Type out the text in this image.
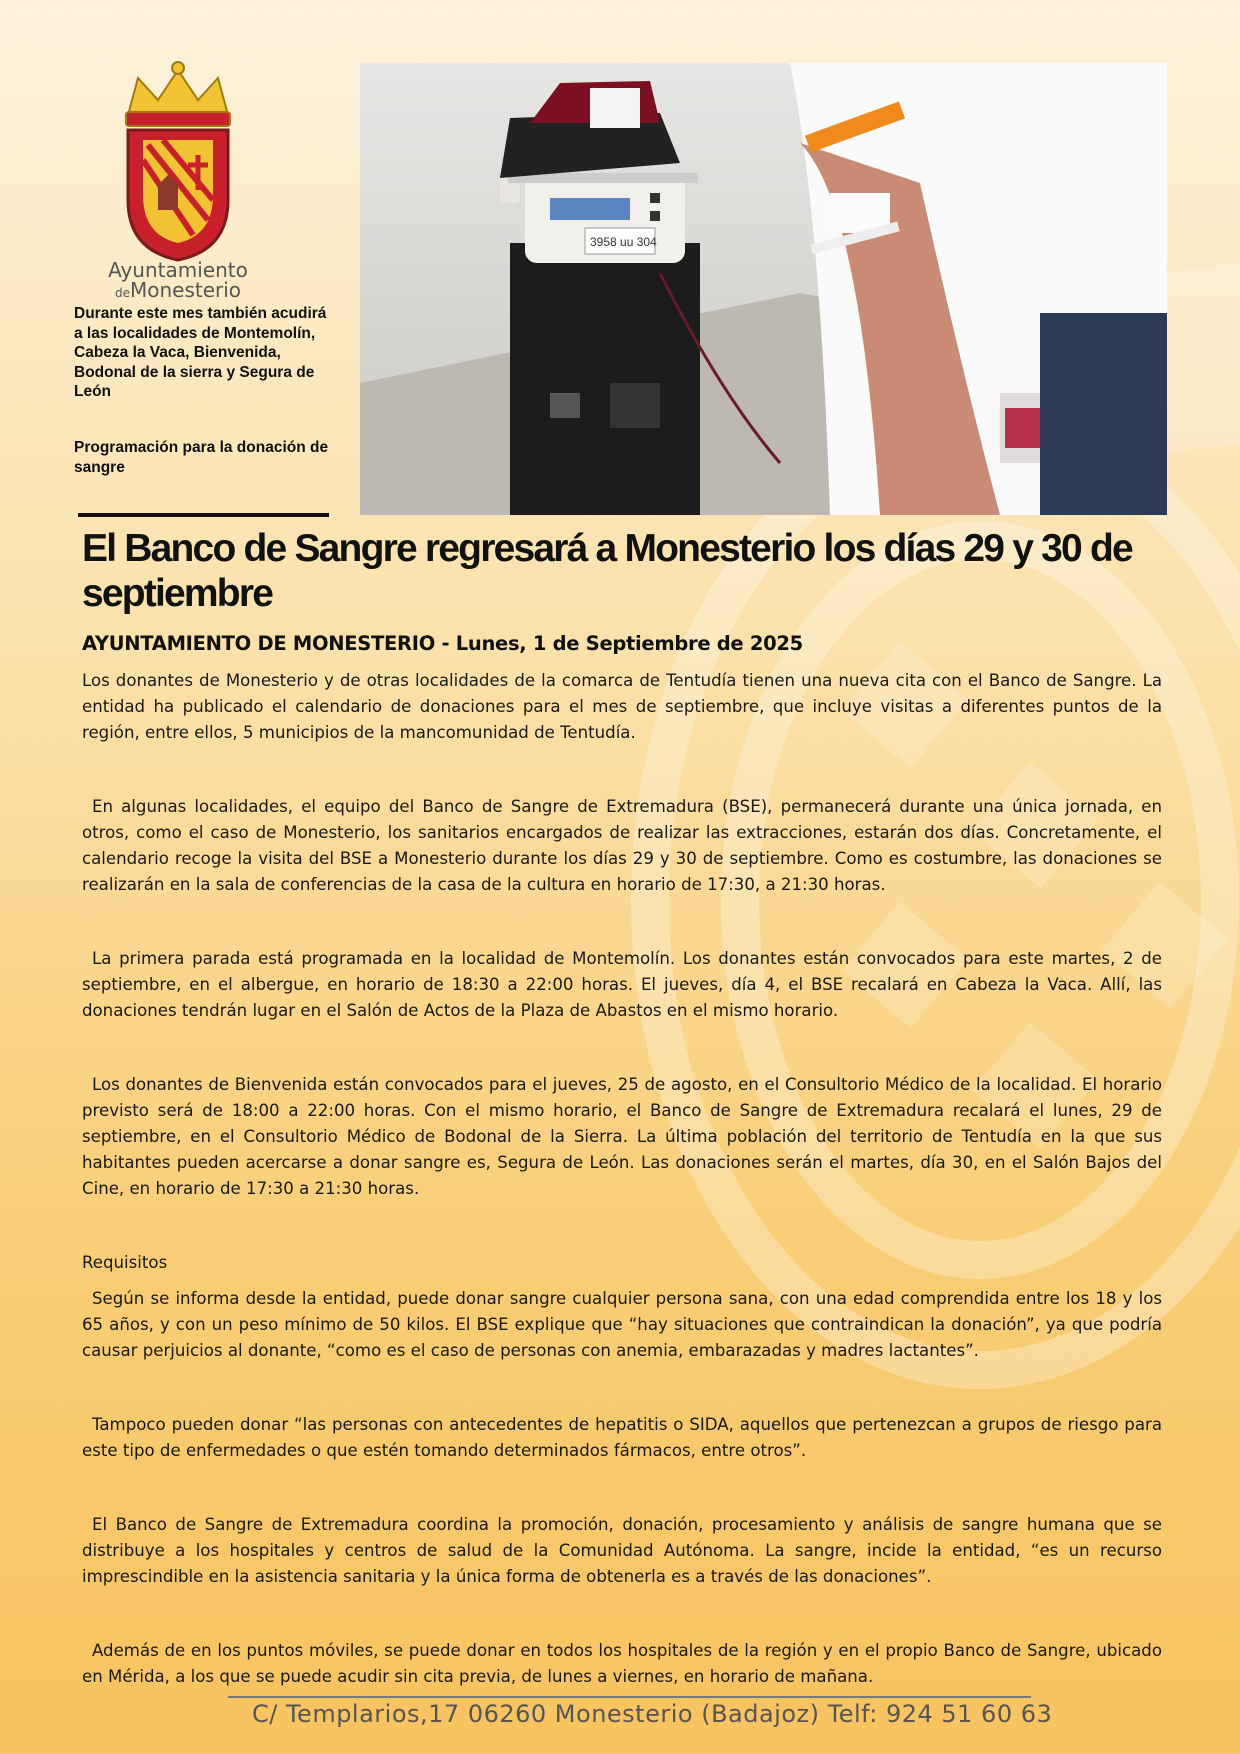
Ayuntamiento
deMonesterio
Durante este mes también acudirá a las localidades de Montemolín, Cabeza la Vaca, Bienvenida, Bodonal de la sierra y Segura de León
Programación para la donación de sangre
3958 uu 304
El Banco de Sangre regresará a Monesterio los días 29 y 30 de septiembre
AYUNTAMIENTO DE MONESTERIO - Lunes, 1 de Septiembre de 2025

Los donantes de Monesterio y de otras localidades de la comarca de Tentudía tienen una nueva cita con el Banco de Sangre. La entidad ha publicado el calendario de donaciones para el mes de septiembre, que incluye visitas a diferentes puntos de la región, entre ellos, 5 municipios de la mancomunidad de Tentudía.

En algunas localidades, el equipo del Banco de Sangre de Extremadura (BSE), permanecerá durante una única jornada, en otros, como el caso de Monesterio, los sanitarios encargados de realizar las extracciones, estarán dos días. Concretamente, el calendario recoge la visita del BSE a Monesterio durante los días 29 y 30 de septiembre. Como es costumbre, las donaciones se realizarán en la sala de conferencias de la casa de la cultura en horario de 17:30, a 21:30 horas.

La primera parada está programada en la localidad de Montemolín. Los donantes están convocados para este martes, 2 de septiembre, en el albergue, en horario de 18:30 a 22:00 horas. El jueves, día 4, el BSE recalará en Cabeza la Vaca. Allí, las donaciones tendrán lugar en el Salón de Actos de la Plaza de Abastos en el mismo horario.

Los donantes de Bienvenida están convocados para el jueves, 25 de agosto, en el Consultorio Médico de la localidad. El horario previsto será de 18:00 a 22:00 horas. Con el mismo horario, el Banco de Sangre de Extremadura recalará el lunes, 29 de septiembre, en el Consultorio Médico de Bodonal de la Sierra. La última población del territorio de Tentudía en la que sus habitantes pueden acercarse a donar sangre es, Segura de León. Las donaciones serán el martes, día 30, en el Salón Bajos del Cine, en horario de 17:30 a 21:30 horas.

Requisitos

Según se informa desde la entidad, puede donar sangre cualquier persona sana, con una edad comprendida entre los 18 y los 65 años, y con un peso mínimo de 50 kilos. El BSE explique que “hay situaciones que contraindican la donación”, ya que podría causar perjuicios al donante, “como es el caso de personas con anemia, embarazadas y madres lactantes”.

Tampoco pueden donar “las personas con antecedentes de hepatitis o SIDA, aquellos que pertenezcan a grupos de riesgo para este tipo de enfermedades o que estén tomando determinados fármacos, entre otros”.

El Banco de Sangre de Extremadura coordina la promoción, donación, procesamiento y análisis de sangre humana que se distribuye a los hospitales y centros de salud de la Comunidad Autónoma. La sangre, incide la entidad, “es un recurso imprescindible en la asistencia sanitaria y la única forma de obtenerla es a través de las donaciones”.

Además de en los puntos móviles, se puede donar en todos los hospitales de la región y en el propio Banco de Sangre, ubicado en Mérida, a los que se puede acudir sin cita previa, de lunes a viernes, en horario de mañana.

C/ Templarios,17 06260 Monesterio (Badajoz) Telf: 924 51 60 63
